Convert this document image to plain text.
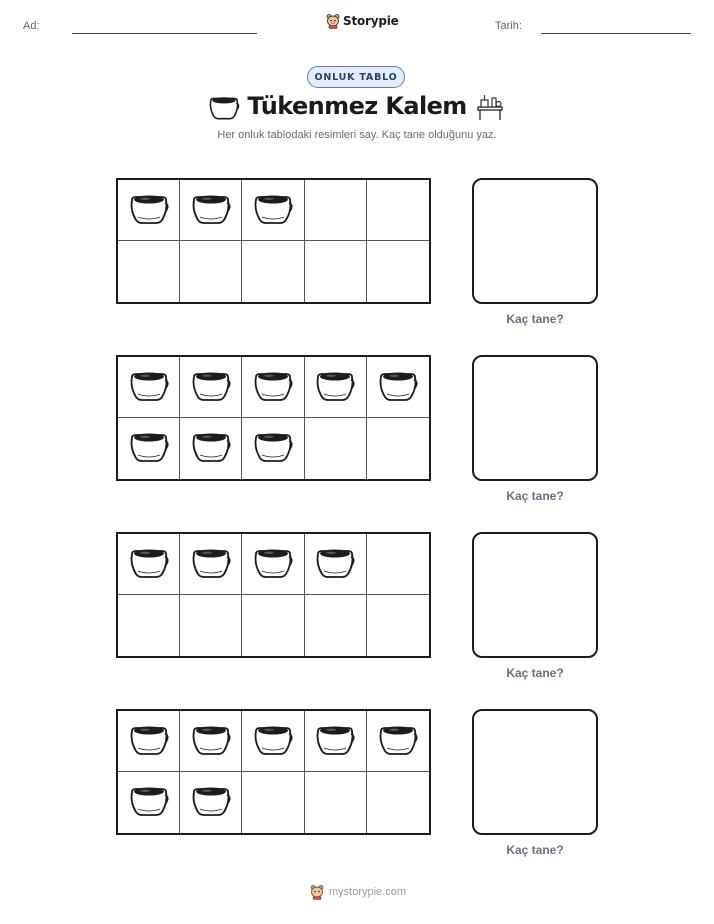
Ad:	Storypie	Tarih:
ONLUK TABLO
Tükenmez Kalem
Her onluk tablodaki resimleri say. Kaç tane olduğunu yaz.
Kaç tane?
Kaç tane?
Kaç tane?
Kaç tane?
mystorypie.com
